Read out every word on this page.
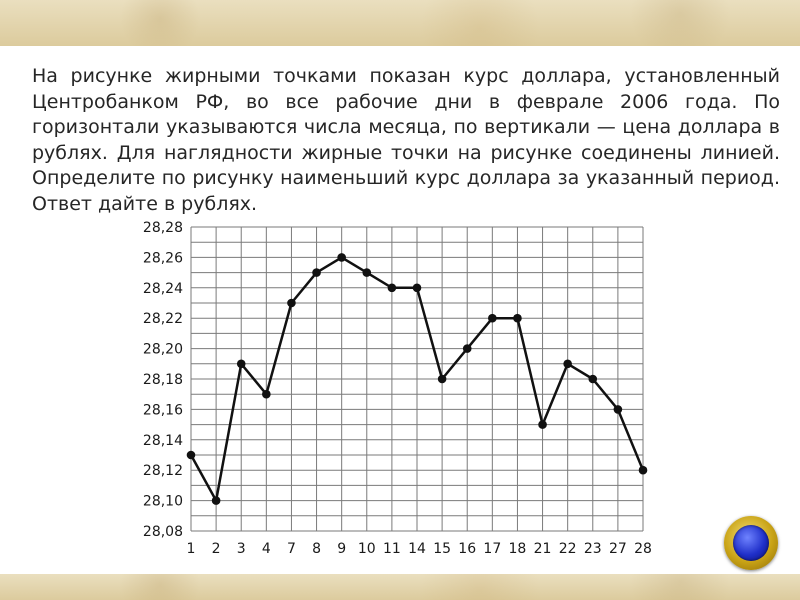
На рисунке жирными точками показан курс доллара, установленный Центробанком РФ, во все рабочие дни в феврале 2006 года. По горизонтали указываются числа месяца, по вертикали — цена доллара в рублях. Для наглядности жирные точки на рисунке соединены линией. Определите по рисунку наименьший курс доллара за указанный период. Ответ дайте в рублях.
28,08
28,10
28,12
28,14
28,16
28,18
28,20
28,22
28,24
28,26
28,28
1 2 3 4 7 8 9 10 11 14 15 16 17 18 21 22 23 27 28
